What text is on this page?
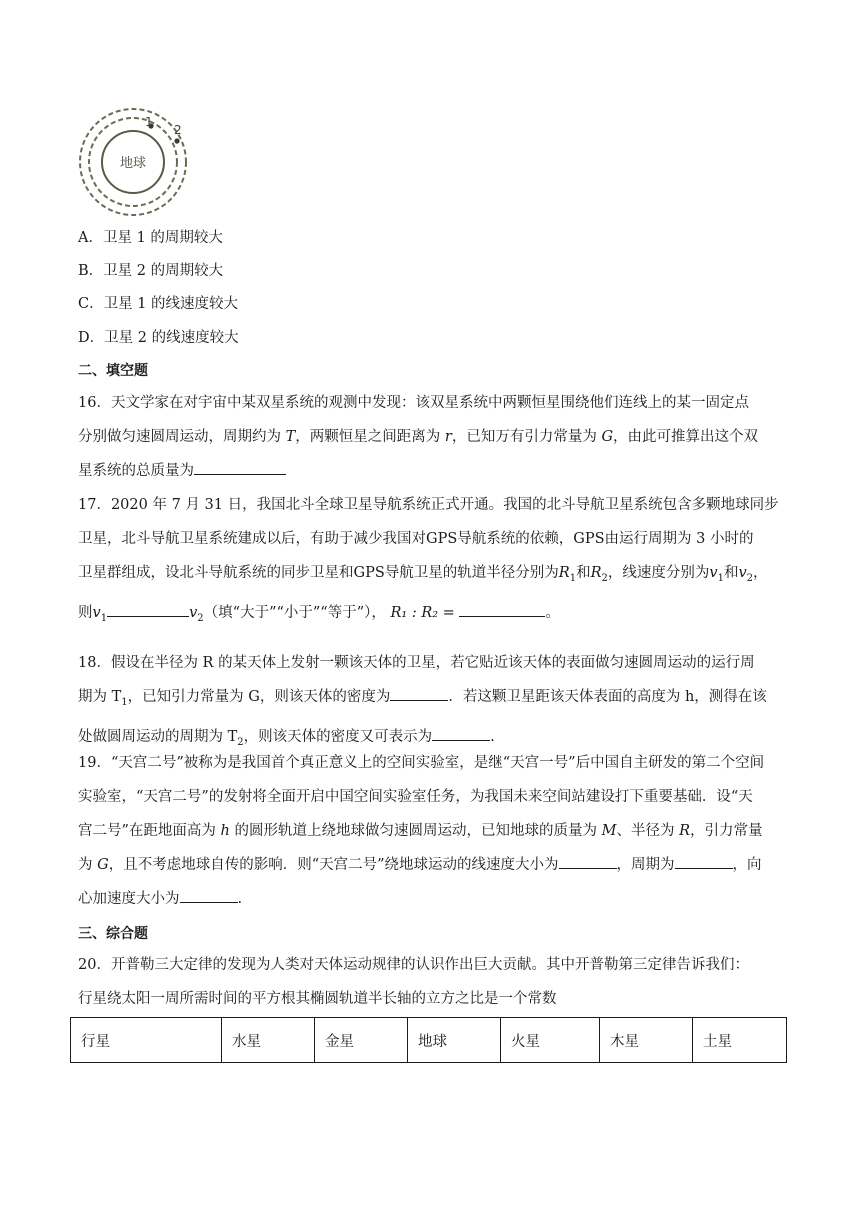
地球
1
2
A．卫星 1 的周期较大
B．卫星 2 的周期较大
C．卫星 1 的线速度较大
D．卫星 2 的线速度较大
二、填空题

16．天文学家在对宇宙中某双星系统的观测中发现：该双星系统中两颗恒星围绕他们连线上的某一固定点

分别做匀速圆周运动，周期约为 T，两颗恒星之间距离为 r，已知万有引力常量为 G，由此可推算出这个双

星系统的总质量为

17．2020 年 7 月 31 日，我国北斗全球卫星导航系统正式开通。我国的北斗导航卫星系统包含多颗地球同步

卫星，北斗导航卫星系统建成以后，有助于减少我国对GPS导航系统的依赖，GPS由运行周期为 3 小时的

卫星群组成，设北斗导航系统的同步卫星和GPS导航卫星的轨道半径分别为$R_1$和$R_2$，线速度分别为$v_1$和$v_2$，

则$v_1$	$v_2$（填“大于”“小于”“等于”）， R₁ : R₂ =	。

18．假设在半径为 R 的某天体上发射一颗该天体的卫星，若它贴近该天体的表面做匀速圆周运动的运行周

期为 $T_1$，已知引力常量为 G，则该天体的密度为	．若这颗卫星距该天体表面的高度为 h，测得在该

处做圆周运动的周期为 $T_2$，则该天体的密度又可表示为	.

19．“天宫二号”被称为是我国首个真正意义上的空间实验室，是继“天宫一号”后中国自主研发的第二个空间

实验室，“天宫二号”的发射将全面开启中国空间实验室任务，为我国未来空间站建设打下重要基础．设“天

宫二号”在距地面高为 h 的圆形轨道上绕地球做匀速圆周运动，已知地球的质量为 M、半径为 R，引力常量

为 G，且不考虑地球自传的影响．则“天宫二号”绕地球运动的线速度大小为	，周期为	，向

心加速度大小为	.

三、综合题

20．开普勒三大定律的发现为人类对天体运动规律的认识作出巨大贡献。其中开普勒第三定律告诉我们：

行星绕太阳一周所需时间的平方根其椭圆轨道半长轴的立方之比是一个常数

行星	水星	金星	地球	火星	木星	土星
